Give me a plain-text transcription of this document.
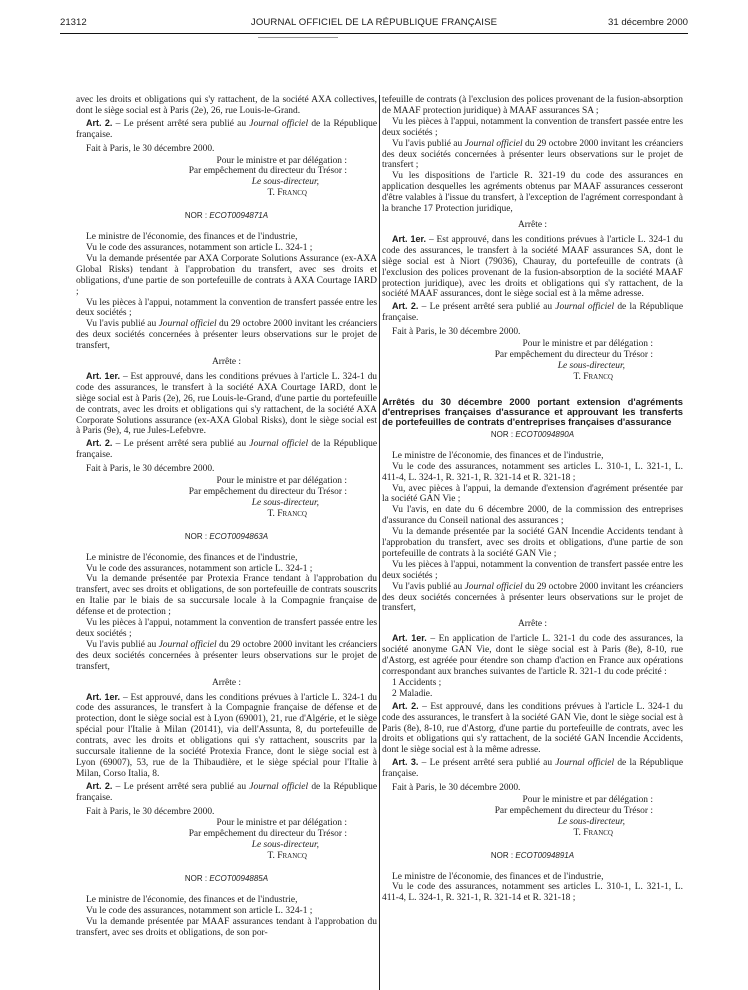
21312	JOURNAL OFFICIEL DE LA RÉPUBLIQUE FRANÇAISE	31 décembre 2000

avec les droits et obligations qui s'y rattachent, de la société AXA collectives, dont le siège social est à Paris (2e), 26, rue Louis-le-Grand.

Art. 2. – Le présent arrêté sera publié au Journal officiel de la République française.

Fait à Paris, le 30 décembre 2000.

Pour le ministre et par délégation :
Par empêchement du directeur du Trésor :
Le sous-directeur,
T. Francq
NOR : ECOT0094871A

Le ministre de l'économie, des finances et de l'industrie,

Vu le code des assurances, notamment son article L. 324-1 ;

Vu la demande présentée par AXA Corporate Solutions Assurance (ex-AXA Global Risks) tendant à l'approbation du transfert, avec ses droits et obligations, d'une partie de son portefeuille de contrats à AXA Courtage IARD ;

Vu les pièces à l'appui, notamment la convention de transfert passée entre les deux sociétés ;

Vu l'avis publié au Journal officiel du 29 octobre 2000 invitant les créanciers des deux sociétés concernées à présenter leurs observations sur le projet de transfert,

Arrête :

Art. 1er. – Est approuvé, dans les conditions prévues à l'article L. 324-1 du code des assurances, le transfert à la société AXA Courtage IARD, dont le siège social est à Paris (2e), 26, rue Louis-le-Grand, d'une partie du portefeuille de contrats, avec les droits et obligations qui s'y rattachent, de la société AXA Corporate Solutions assurance (ex-AXA Global Risks), dont le siège social est à Paris (9e), 4, rue Jules-Lefebvre.

Art. 2. – Le présent arrêté sera publié au Journal officiel de la République française.

Fait à Paris, le 30 décembre 2000.

Pour le ministre et par délégation :
Par empêchement du directeur du Trésor :
Le sous-directeur,
T. Francq
NOR : ECOT0094863A

Le ministre de l'économie, des finances et de l'industrie,

Vu le code des assurances, notamment son article L. 324-1 ;

Vu la demande présentée par Protexia France tendant à l'approbation du transfert, avec ses droits et obligations, de son portefeuille de contrats souscrits en Italie par le biais de sa succursale locale à la Compagnie française de défense et de protection ;

Vu les pièces à l'appui, notamment la convention de transfert passée entre les deux sociétés ;

Vu l'avis publié au Journal officiel du 29 octobre 2000 invitant les créanciers des deux sociétés concernées à présenter leurs observations sur le projet de transfert,

Arrête :

Art. 1er. – Est approuvé, dans les conditions prévues à l'article L. 324-1 du code des assurances, le transfert à la Compagnie française de défense et de protection, dont le siège social est à Lyon (69001), 21, rue d'Algérie, et le siège spécial pour l'Italie à Milan (20141), via dell'Assunta, 8, du portefeuille de contrats, avec les droits et obligations qui s'y rattachent, souscrits par la succursale italienne de la société Protexia France, dont le siège social est à Lyon (69007), 53, rue de la Thibaudière, et le siège spécial pour l'Italie à Milan, Corso Italia, 8.

Art. 2. – Le présent arrêté sera publié au Journal officiel de la République française.

Fait à Paris, le 30 décembre 2000.

Pour le ministre et par délégation :
Par empêchement du directeur du Trésor :
Le sous-directeur,
T. Francq
NOR : ECOT0094885A

Le ministre de l'économie, des finances et de l'industrie,

Vu le code des assurances, notamment son article L. 324-1 ;

Vu la demande présentée par MAAF assurances tendant à l'approbation du transfert, avec ses droits et obligations, de son por-

tefeuille de contrats (à l'exclusion des polices provenant de la fusion-absorption de MAAF protection juridique) à MAAF assurances SA ;

Vu les pièces à l'appui, notamment la convention de transfert passée entre les deux sociétés ;

Vu l'avis publié au Journal officiel du 29 octobre 2000 invitant les créanciers des deux sociétés concernées à présenter leurs observations sur le projet de transfert ;

Vu les dispositions de l'article R. 321-19 du code des assurances en application desquelles les agréments obtenus par MAAF assurances cesseront d'être valables à l'issue du transfert, à l'exception de l'agrément correspondant à la branche 17 Protection juridique,

Arrête :

Art. 1er. – Est approuvé, dans les conditions prévues à l'article L. 324-1 du code des assurances, le transfert à la société MAAF assurances SA, dont le siège social est à Niort (79036), Chauray, du portefeuille de contrats (à l'exclusion des polices provenant de la fusion-absorption de la société MAAF protection juridique), avec les droits et obligations qui s'y rattachent, de la société MAAF assurances, dont le siège social est à la même adresse.

Art. 2. – Le présent arrêté sera publié au Journal officiel de la République française.

Fait à Paris, le 30 décembre 2000.

Pour le ministre et par délégation :
Par empêchement du directeur du Trésor :
Le sous-directeur,
T. Francq
Arrêtés du 30 décembre 2000 portant extension d'agréments d'entreprises françaises d'assurance et approuvant les transferts de portefeuilles de contrats d'entreprises françaises d'assurance
NOR : ECOT0094890A

Le ministre de l'économie, des finances et de l'industrie,

Vu le code des assurances, notamment ses articles L. 310-1, L. 321-1, L. 411-4, L. 324-1, R. 321-1, R. 321-14 et R. 321-18 ;

Vu, avec pièces à l'appui, la demande d'extension d'agrément présentée par la société GAN Vie ;

Vu l'avis, en date du 6 décembre 2000, de la commission des entreprises d'assurance du Conseil national des assurances ;

Vu la demande présentée par la société GAN Incendie Accidents tendant à l'approbation du transfert, avec ses droits et obligations, d'une partie de son portefeuille de contrats à la société GAN Vie ;

Vu les pièces à l'appui, notamment la convention de transfert passée entre les deux sociétés ;

Vu l'avis publié au Journal officiel du 29 octobre 2000 invitant les créanciers des deux sociétés concernées à présenter leurs observations sur le projet de transfert,

Arrête :

Art. 1er. – En application de l'article L. 321-1 du code des assurances, la société anonyme GAN Vie, dont le siège social est à Paris (8e), 8-10, rue d'Astorg, est agréée pour étendre son champ d'action en France aux opérations correspondant aux branches suivantes de l'article R. 321-1 du code précité :

1 Accidents ;

2 Maladie.

Art. 2. – Est approuvé, dans les conditions prévues à l'article L. 324-1 du code des assurances, le transfert à la société GAN Vie, dont le siège social est à Paris (8e), 8-10, rue d'Astorg, d'une partie du portefeuille de contrats, avec les droits et obligations qui s'y rattachent, de la société GAN Incendie Accidents, dont le siège social est à la même adresse.

Art. 3. – Le présent arrêté sera publié au Journal officiel de la République française.

Fait à Paris, le 30 décembre 2000.

Pour le ministre et par délégation :
Par empêchement du directeur du Trésor :
Le sous-directeur,
T. Francq
NOR : ECOT0094891A

Le ministre de l'économie, des finances et de l'industrie,

Vu le code des assurances, notamment ses articles L. 310-1, L. 321-1, L. 411-4, L. 324-1, R. 321-1, R. 321-14 et R. 321-18 ;
